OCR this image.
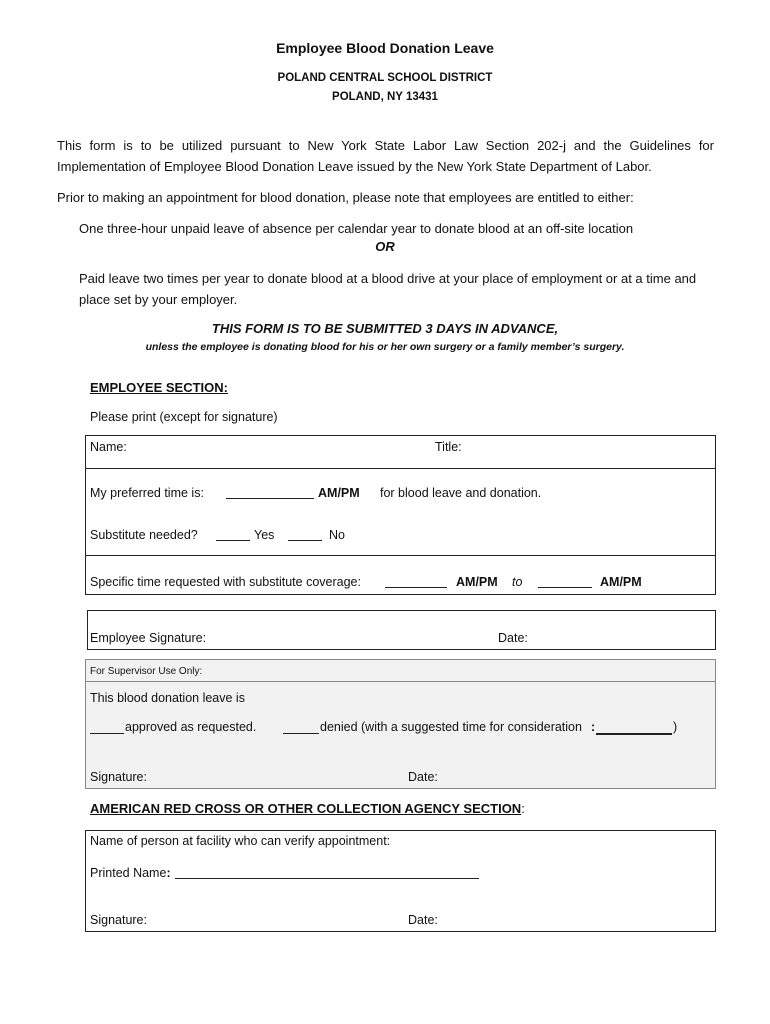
Employee Blood Donation Leave
POLAND CENTRAL SCHOOL DISTRICT
POLAND, NY 13431
This form is to be utilized pursuant to New York State Labor Law Section 202-j and the Guidelines for Implementation of Employee Blood Donation Leave issued by the New York State Department of Labor.
Prior to making an appointment for blood donation, please note that employees are entitled to either:
One three-hour unpaid leave of absence per calendar year to donate blood at an off-site location
OR
Paid leave two times per year to donate blood at a blood drive at your place of employment or at a time and place set by your employer.
THIS FORM IS TO BE SUBMITTED 3 DAYS IN ADVANCE,
unless the employee is donating blood for his or her own surgery or a family member’s surgery.
EMPLOYEE SECTION:
Please print (except for signature)
Name:	Title:
My preferred time is:	AM/PM for blood leave and donation.
Substitute needed?	Yes	No
Specific time requested with substitute coverage:	AM/PM to	AM/PM
Employee Signature:	Date:
For Supervisor Use Only:
This blood donation leave is
approved as requested.	denied (with a suggested time for consideration :	)
Signature:	Date:
AMERICAN RED CROSS OR OTHER COLLECTION AGENCY SECTION:
Name of person at facility who can verify appointment:
Printed Name:
Signature:	Date:
